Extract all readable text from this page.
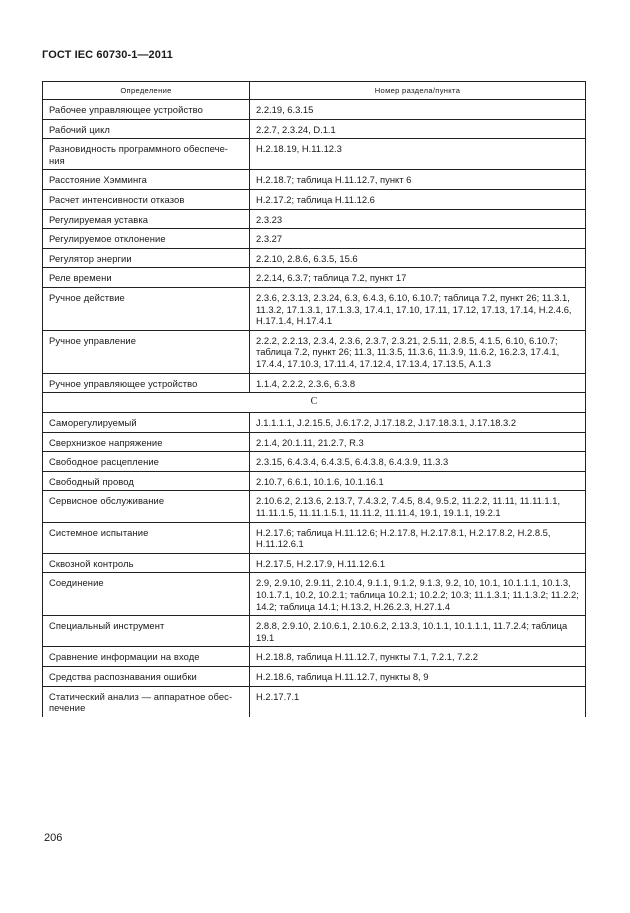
ГОСТ IEC 60730-1—2011
Определение	Номер раздела/пункта
Рабочее управляющее устройство	2.2.19, 6.3.15
Рабочий цикл	2.2.7, 2.3.24, D.1.1
Разновидность программного обеспече-ния	H.2.18.19, H.11.12.3
Расстояние Хэмминга	H.2.18.7; таблица H.11.12.7, пункт 6
Расчет интенсивности отказов	H.2.17.2; таблица H.11.12.6
Регулируемая уставка	2.3.23
Регулируемое отклонение	2.3.27
Регулятор энергии	2.2.10, 2.8.6, 6.3.5, 15.6
Реле времени	2.2.14, 6.3.7; таблица 7.2, пункт 17
Ручное действие	2.3.6, 2.3.13, 2.3.24, 6.3, 6.4.3, 6.10, 6.10.7; таблица 7.2, пункт 26; 11.3.1, 11.3.2, 17.1.3.1, 17.1.3.3, 17.4.1, 17.10, 17.11, 17.12, 17.13, 17.14, H.2.4.6, H.17.1.4, H.17.4.1
Ручное управление	2.2.2, 2.2.13, 2.3.4, 2.3.6, 2.3.7, 2.3.21, 2.5.11, 2.8.5, 4.1.5, 6.10, 6.10.7; таблица 7.2, пункт 26; 11.3, 11.3.5, 11.3.6, 11.3.9, 11.6.2, 16.2.3, 17.4.1, 17.4.4, 17.10.3, 17.11.4, 17.12.4, 17.13.4, 17.13.5, A.1.3
Ручное управляющее устройство	1.1.4, 2.2.2, 2.3.6, 6.3.8
С	
Саморегулируемый	J.1.1.1.1, J.2.15.5, J.6.17.2, J.17.18.2, J.17.18.3.1, J.17.18.3.2
Сверхнизкое напряжение	2.1.4, 20.1.11, 21.2.7, R.3
Свободное расцепление	2.3.15, 6.4.3.4, 6.4.3.5, 6.4.3.8, 6.4.3.9, 11.3.3
Свободный провод	2.10.7, 6.6.1, 10.1.6, 10.1.16.1
Сервисное обслуживание	2.10.6.2, 2.13.6, 2.13.7, 7.4.3.2, 7.4.5, 8.4, 9.5.2, 11.2.2, 11.11, 11.11.1.1, 11.11.1.5, 11.11.1.5.1, 11.11.2, 11.11.4, 19.1, 19.1.1, 19.2.1
Системное испытание	H.2.17.6; таблица H.11.12.6; H.2.17.8, H.2.17.8.1, H.2.17.8.2, H.2.8.5, H.11.12.6.1
Сквозной контроль	H.2.17.5, H.2.17.9, H.11.12.6.1
Соединение	2.9, 2.9.10, 2.9.11, 2.10.4, 9.1.1, 9.1.2, 9.1.3, 9.2, 10, 10.1, 10.1.1.1, 10.1.3, 10.1.7.1, 10.2, 10.2.1; таблица 10.2.1; 10.2.2; 10.3; 11.1.3.1; 11.1.3.2; 11.2.2; 14.2; таблица 14.1; H.13.2, H.26.2.3, H.27.1.4
Специальный инструмент	2.8.8, 2.9.10, 2.10.6.1, 2.10.6.2, 2.13.3, 10.1.1, 10.1.1.1, 11.7.2.4; таблица 19.1
Сравнение информации на входе	H.2.18.8, таблица H.11.12.7, пункты 7.1, 7.2.1, 7.2.2
Средства распознавания ошибки	H.2.18.6, таблица H.11.12.7, пункты 8, 9
Статический анализ — аппаратное обес-печение	H.2.17.7.1
206
